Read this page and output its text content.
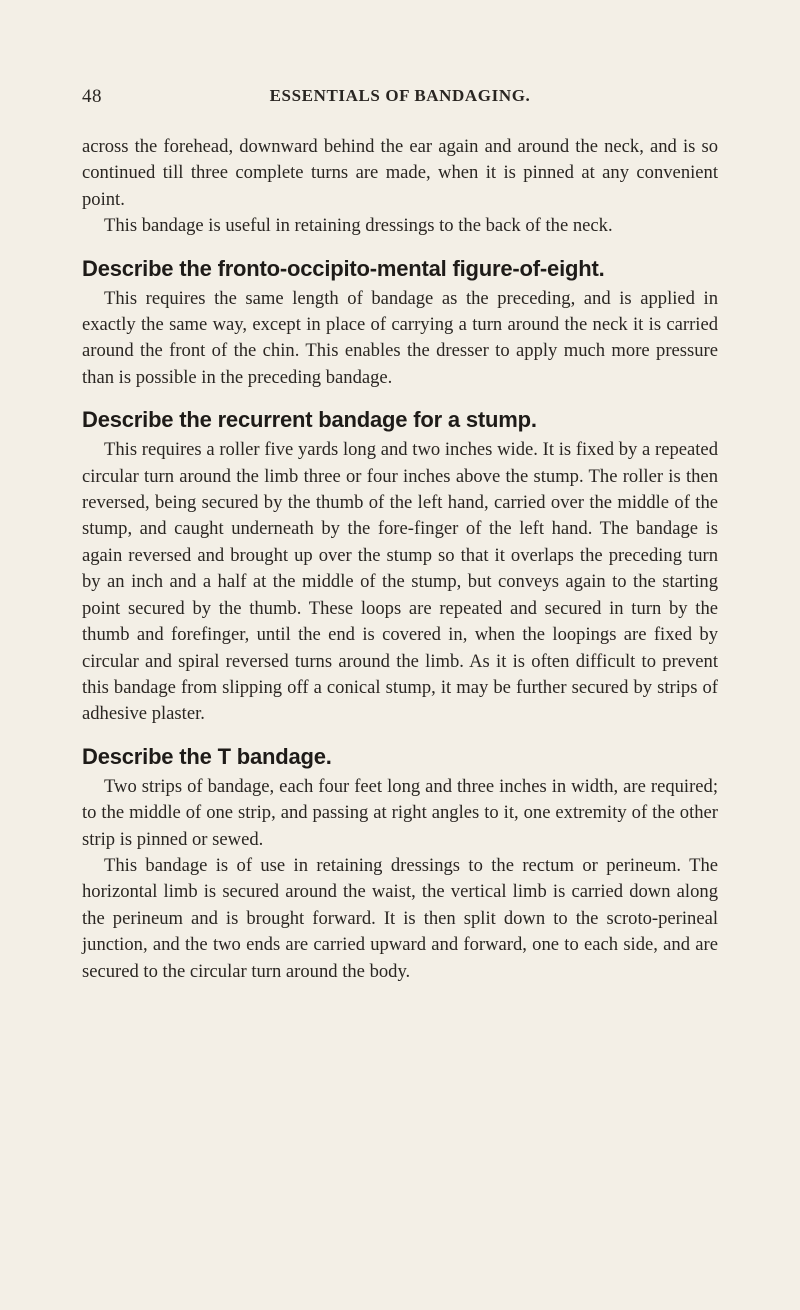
48	ESSENTIALS OF BANDAGING.

across the forehead, downward behind the ear again and around the neck, and is so continued till three complete turns are made, when it is pinned at any convenient point.

This bandage is useful in retaining dressings to the back of the neck.

Describe the fronto-occipito-mental figure-of-eight.

This requires the same length of bandage as the preceding, and is applied in exactly the same way, except in place of carrying a turn around the neck it is carried around the front of the chin. This enables the dresser to apply much more pressure than is possible in the preceding bandage.

Describe the recurrent bandage for a stump.

This requires a roller five yards long and two inches wide. It is fixed by a repeated circular turn around the limb three or four inches above the stump. The roller is then reversed, being secured by the thumb of the left hand, carried over the middle of the stump, and caught underneath by the fore-finger of the left hand. The bandage is again reversed and brought up over the stump so that it overlaps the preceding turn by an inch and a half at the middle of the stump, but conveys again to the starting point secured by the thumb. These loops are repeated and secured in turn by the thumb and forefinger, until the end is covered in, when the loopings are fixed by circular and spiral reversed turns around the limb. As it is often difficult to prevent this bandage from slipping off a conical stump, it may be further secured by strips of adhesive plaster.

Describe the T bandage.

Two strips of bandage, each four feet long and three inches in width, are required; to the middle of one strip, and passing at right angles to it, one extremity of the other strip is pinned or sewed.

This bandage is of use in retaining dressings to the rectum or perineum. The horizontal limb is secured around the waist, the vertical limb is carried down along the perineum and is brought forward. It is then split down to the scroto-perineal junction, and the two ends are carried upward and forward, one to each side, and are secured to the circular turn around the body.
